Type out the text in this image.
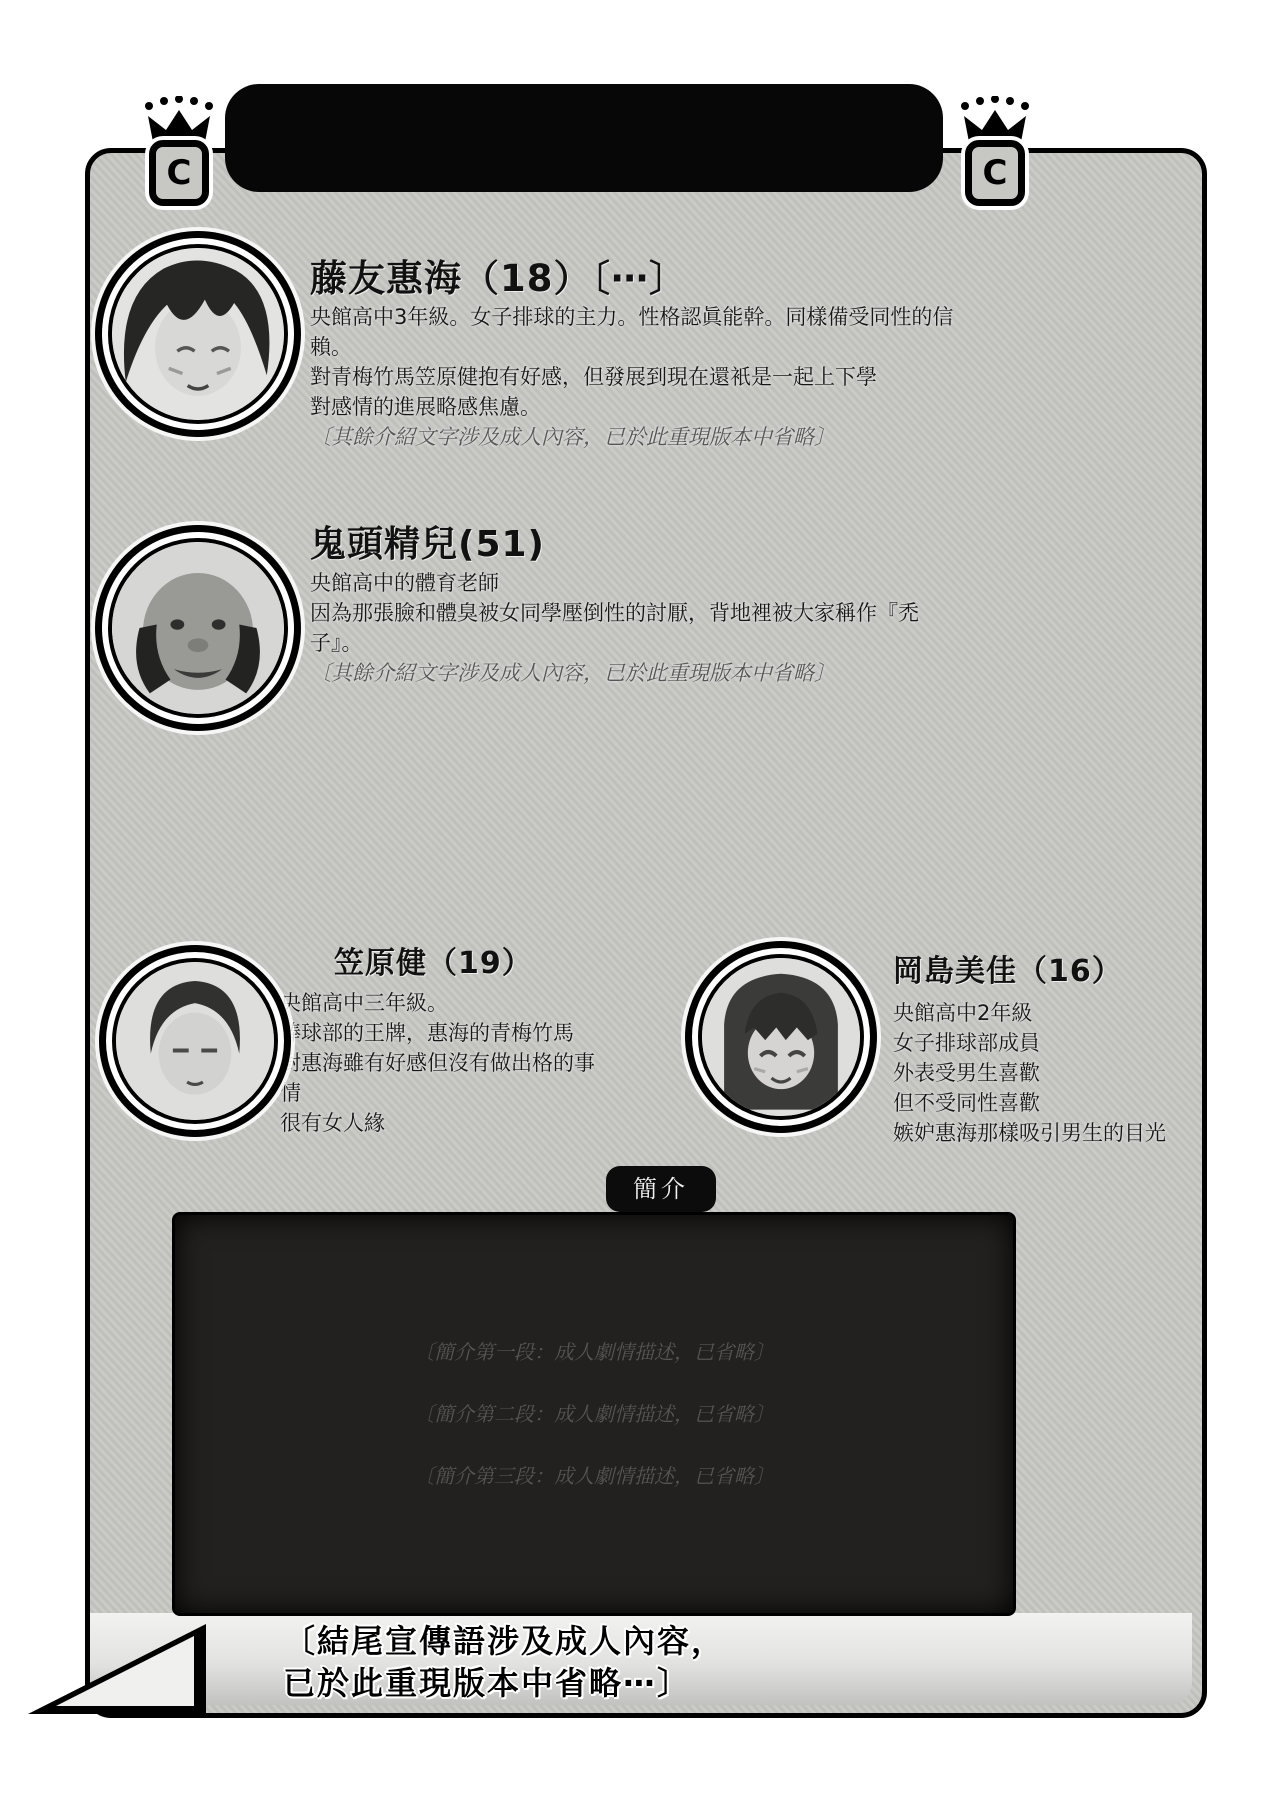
C	C
藤友惠海（18）〔⋯〕
央館高中3年級。女子排球的主力。性格認眞能幹。同樣備受同性的信賴。
對青梅竹馬笠原健抱有好感，但發展到現在還衹是一起上下學
對感情的進展略感焦慮。
〔其餘介紹文字涉及成人內容，已於此重現版本中省略〕
鬼頭精兒(51)
央館高中的體育老師
因為那張臉和體臭被女同學壓倒性的討厭，背地裡被大家稱作『禿子』。
〔其餘介紹文字涉及成人內容，已於此重現版本中省略〕
笠原健（19）
央館高中三年級。
棒球部的王牌，惠海的青梅竹馬
對惠海雖有好感但沒有做出格的事情
很有女人緣
岡島美佳（16）
央館高中2年級
女子排球部成員
外表受男生喜歡
但不受同性喜歡
嫉妒惠海那樣吸引男生的目光
簡介

〔簡介第一段：成人劇情描述，已省略〕

〔簡介第二段：成人劇情描述，已省略〕

〔簡介第三段：成人劇情描述，已省略〕

〔結尾宣傳語涉及成人內容，
已於此重現版本中省略⋯〕
